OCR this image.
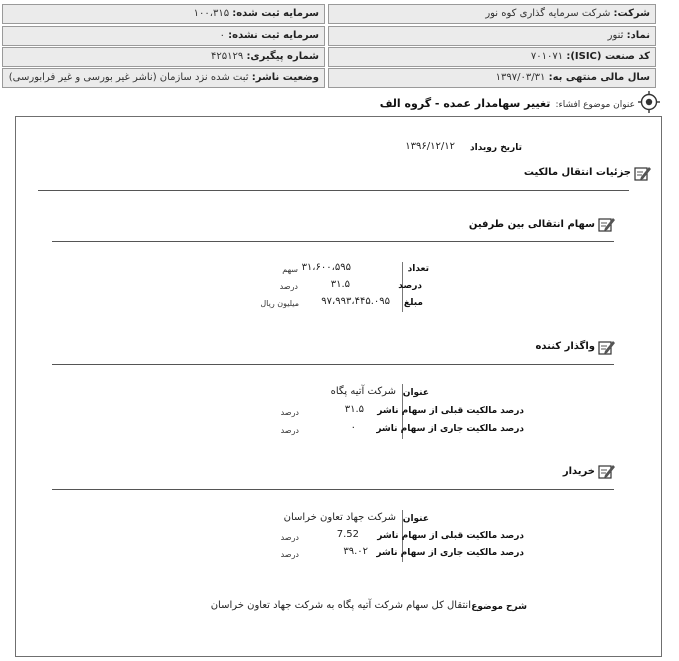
شرکت: شرکت سرمایه گذاری کوه نور
سرمایه ثبت شده: ۱۰۰،۳۱۵
نماد: ثنور
سرمایه ثبت نشده: ۰
کد صنعت (ISIC): ۷۰۱۰۷۱
شماره پیگیری: ۴۲۵۱۲۹
سال مالی منتهی به: ۱۳۹۷/۰۳/۳۱
وضعیت ناشر: ثبت شده نزد سازمان (ناشر غیر بورسی و غیر فرابورسی)
عنوان موضوع افشاء: تغییر سهامدار عمده - گروه الف
تاریخ رویداد
۱۳۹۶/۱۲/۱۲
جزئیات انتقال مالکیت
سهام انتقالی بین طرفین
تعداد
۳۱،۶۰۰،۵۹۵
سهم
درصد
۳۱.۵
درصد
مبلغ
۹۷،۹۹۳،۴۴۵.۰۹۵
میلیون ریال
واگذار کننده
عنوان
شرکت آتیه پگاه
درصد مالکیت قبلی از سهام ناشر
۳۱.۵
درصد
درصد مالکیت جاری از سهام ناشر
۰
درصد
خریدار
عنوان
شرکت جهاد تعاون خراسان
درصد مالکیت قبلی از سهام ناشر
7.52
درصد
درصد مالکیت جاری از سهام ناشر
۳۹.۰۲
درصد
شرح موضوع
انتقال کل سهام شرکت آتیه پگاه به شرکت جهاد تعاون خراسان
